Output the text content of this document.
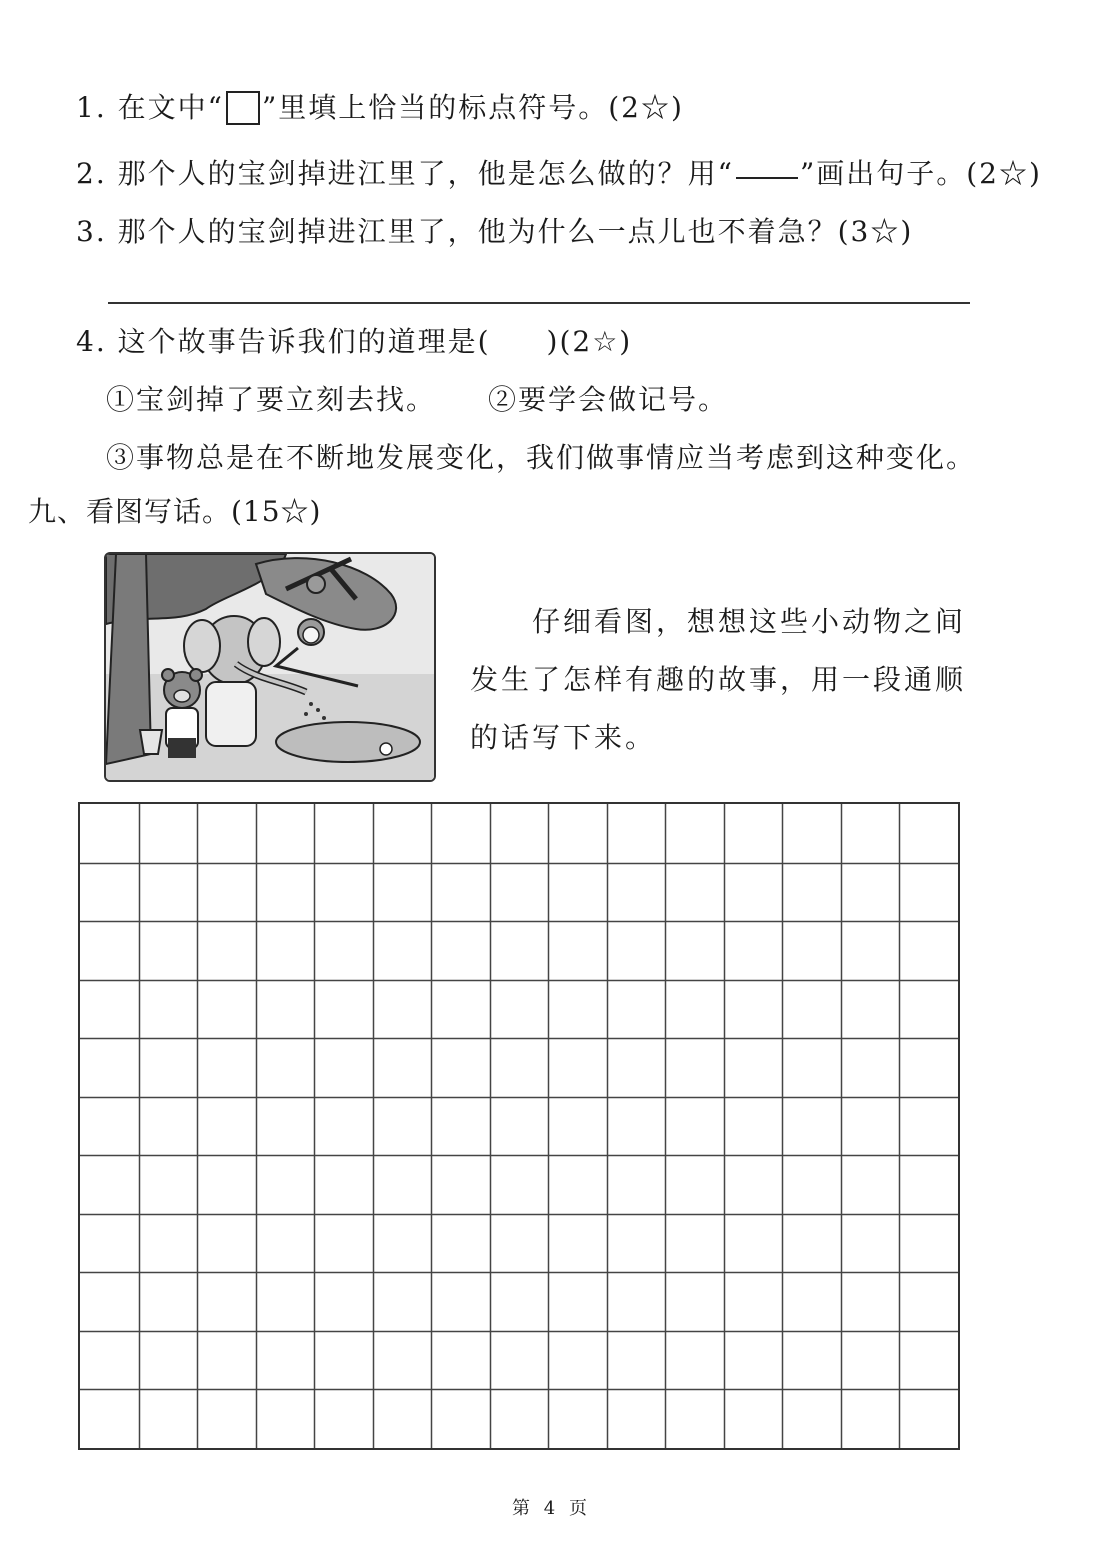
1. 在文中“ ”里填上恰当的标点符号。(2☆)
2. 那个人的宝剑掉进江里了，他是怎么做的？用“ ”画出句子。(2☆)
3. 那个人的宝剑掉进江里了，他为什么一点儿也不着急？(3☆)
4. 这个故事告诉我们的道理是( )(2☆)
①宝剑掉了要立刻去找。 ②要学会做记号。
③事物总是在不断地发展变化，我们做事情应当考虑到这种变化。
九、看图写话。(15☆)
仔细看图，想想这些小动物之间
发生了怎样有趣的故事，用一段通顺
的话写下来。
第 4 页
